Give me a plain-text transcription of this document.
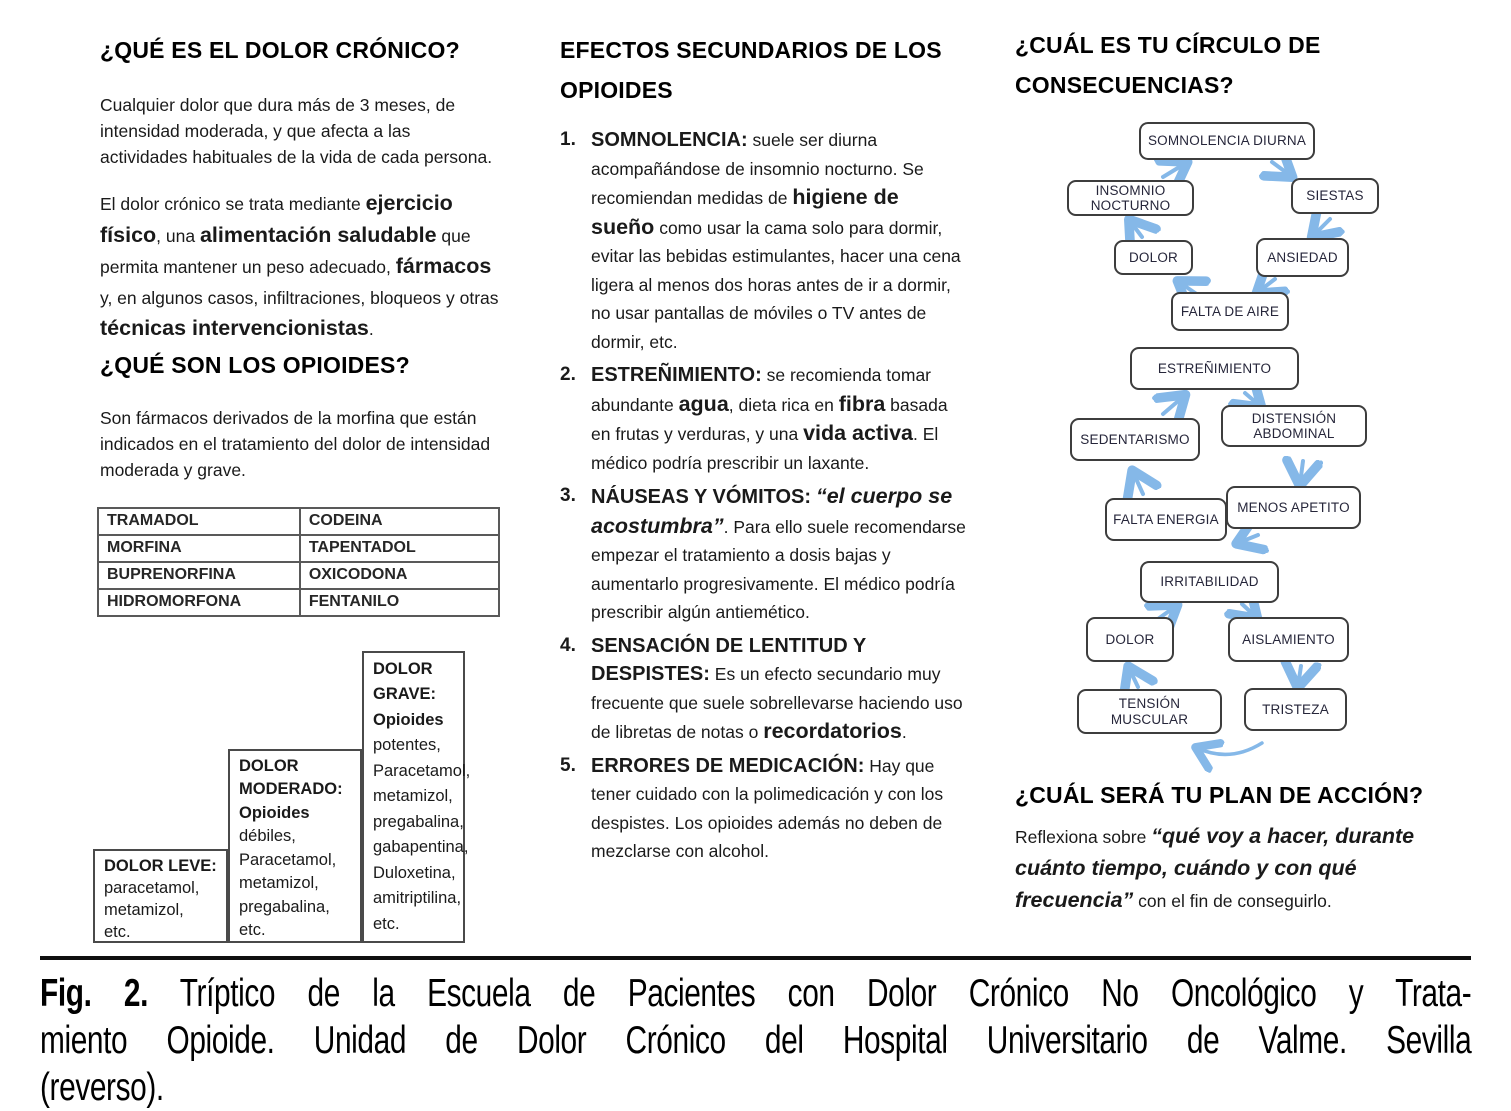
¿QUÉ ES EL DOLOR CRÓNICO?

Cualquier dolor que dura más de 3 meses, de intensidad moderada, y que afecta a las actividades habituales de la vida de cada persona.

El dolor crónico se trata mediante ejercicio físico, una alimentación saludable que permita mantener un peso adecuado, fármacos y, en algunos casos, infiltraciones, bloqueos y otras técnicas intervencionistas.

¿QUÉ SON LOS OPIOIDES?

Son fármacos derivados de la morfina que están indicados en el tratamiento del dolor de intensidad moderada y grave.

TRAMADOL	CODEINA
MORFINA	TAPENTADOL
BUPRENORFINA	OXICODONA
HIDROMORFONA	FENTANILO
DOLOR LEVE:
paracetamol,
metamizol,
etc.
DOLOR
MODERADO:
Opioides
débiles,
Paracetamol,
metamizol,
pregabalina,
etc.
DOLOR
GRAVE:
Opioides
potentes,
Paracetamol,
metamizol,
pregabalina,
gabapentina,
Duloxetina,
amitriptilina,
etc.
EFECTOS SECUNDARIOS DE LOS OPIOIDES
1. SOMNOLENCIA: suele ser diurna acompañándose de insomnio nocturno. Se recomiendan medidas de higiene de sueño como usar la cama solo para dormir, evitar las bebidas estimulantes, hacer una cena ligera al menos dos horas antes de ir a dormir, no usar pantallas de móviles o TV antes de dormir, etc.
2. ESTREÑIMIENTO: se recomienda tomar abundante agua, dieta rica en fibra basada en frutas y verduras, y una vida activa. El médico podría prescribir un laxante.
3. NÁUSEAS Y VÓMITOS: “el cuerpo se acostumbra”. Para ello suele recomendarse empezar el tratamiento a dosis bajas y aumentarlo progresivamente. El médico podría prescribir algún antiemético.
4. SENSACIÓN DE LENTITUD Y DESPISTES: Es un efecto secundario muy frecuente que suele sobrellevarse haciendo uso de libretas de notas o recordatorios.
5. ERRORES DE MEDICACIÓN: Hay que tener cuidado con la polimedicación y con los despistes. Los opioides además no deben de mezclarse con alcohol.
¿CUÁL ES TU CÍRCULO DE CONSECUENCIAS?
SOMNOLENCIA DIURNA
INSOMNIO NOCTURNO
SIESTAS
DOLOR	ANSIEDAD
FALTA DE AIRE
ESTREÑIMIENTO
DISTENSIÓN ABDOMINAL
SEDENTARISMO
FALTA ENERGIA
MENOS APETITO
IRRITABILIDAD
DOLOR	AISLAMIENTO
TENSIÓN MUSCULAR
TRISTEZA
¿CUÁL SERÁ TU PLAN DE ACCIÓN?

Reflexiona sobre “qué voy a hacer, durante cuánto tiempo, cuándo y con qué frecuencia” con el fin de conseguirlo.

Fig. 2. Tríptico de la Escuela de Pacientes con Dolor Crónico No Oncológico y Trata-
miento Opioide. Unidad de Dolor Crónico del Hospital Universitario de Valme. Sevilla
(reverso).
